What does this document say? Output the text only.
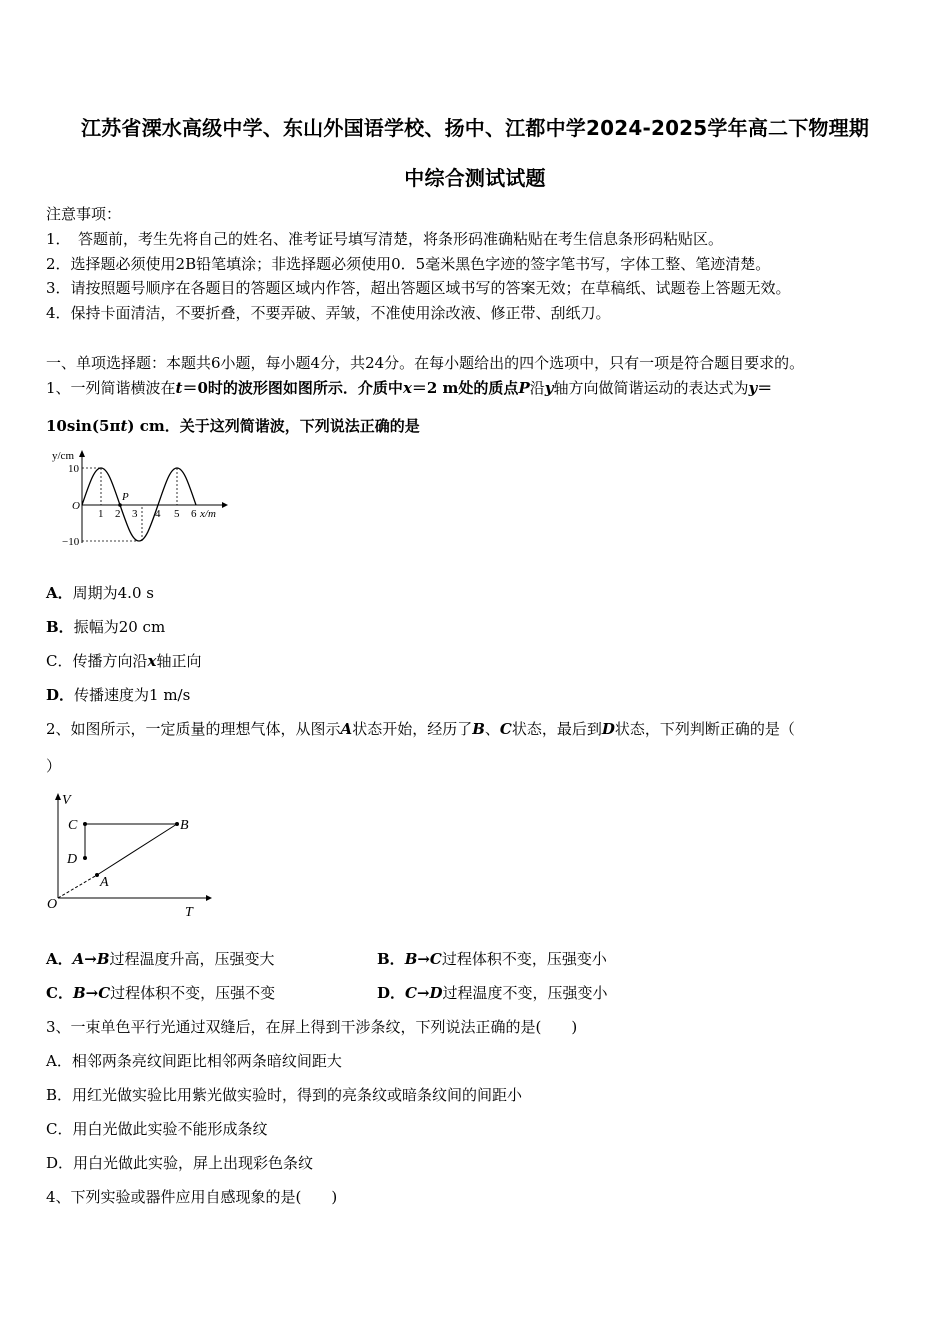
江苏省溧水高级中学、东山外国语学校、扬中、江都中学2024-2025学年高二下物理期
中综合测试试题
注意事项：
1．　答题前，考生先将自己的姓名、准考证号填写清楚，将条形码准确粘贴在考生信息条形码粘贴区。
2．选择题必须使用2B铅笔填涂；非选择题必须使用0．5毫米黑色字迹的签字笔书写，字体工整、笔迹清楚。
3．请按照题号顺序在各题目的答题区域内作答，超出答题区域书写的答案无效；在草稿纸、试题卷上答题无效。
4．保持卡面清洁，不要折叠，不要弄破、弄皱，不准使用涂改液、修正带、刮纸刀。
一、单项选择题：本题共6小题，每小题4分，共24分。在每小题给出的四个选项中，只有一项是符合题目要求的。
1、一列简谐横波在t＝0时的波形图如图所示．介质中x＝2 m处的质点P沿y轴方向做简谐运动的表达式为y＝
10sin(5πt) cm．关于这列简谐波，下列说法正确的是
y/cm
10
−10
O
1 2 3 4 5 6 x/m
P
A．周期为4.0 s
B．振幅为20 cm
C．传播方向沿x轴正向
D．传播速度为1 m/s
2、如图所示，一定质量的理想气体，从图示A状态开始，经历了B、C状态，最后到D状态，下列判断正确的是（
）
V
T
O
A
B
C
D
A．A→B过程温度升高，压强变大	B．B→C过程体积不变，压强变小
C．B→C过程体积不变，压强不变	D．C→D过程温度不变，压强变小
3、一束单色平行光通过双缝后，在屏上得到干涉条纹，下列说法正确的是(　　)
A．相邻两条亮纹间距比相邻两条暗纹间距大
B．用红光做实验比用紫光做实验时，得到的亮条纹或暗条纹间的间距小
C．用白光做此实验不能形成条纹
D．用白光做此实验，屏上出现彩色条纹
4、下列实验或器件应用自感现象的是(　　)
